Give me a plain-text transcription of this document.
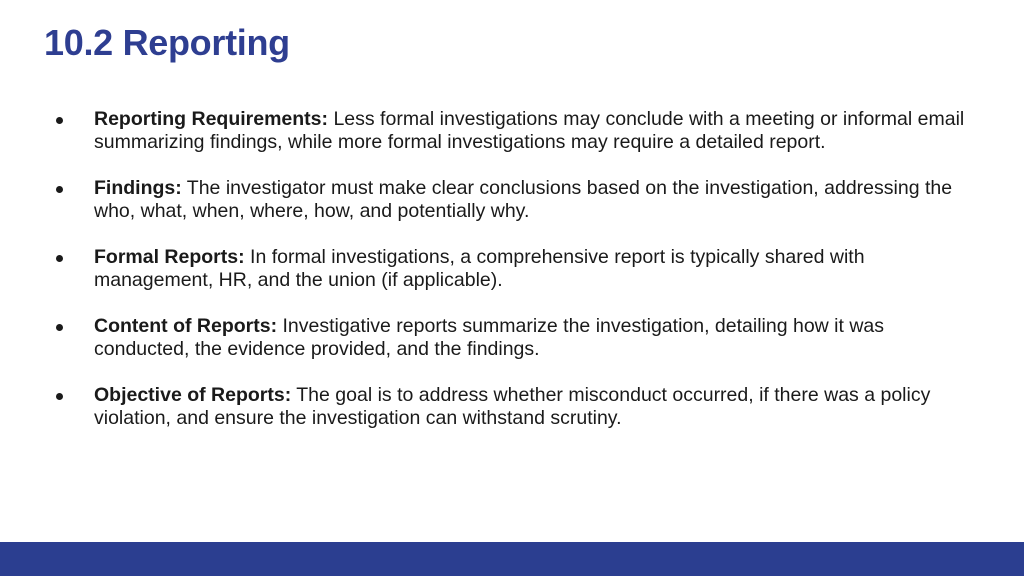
10.2 Reporting
Reporting Requirements: Less formal investigations may conclude with a meeting or informal email summarizing findings, while more formal investigations may require a detailed report.
Findings: The investigator must make clear conclusions based on the investigation, addressing the who, what, when, where, how, and potentially why.
Formal Reports: In formal investigations, a comprehensive report is typically shared with management, HR, and the union (if applicable).
Content of Reports: Investigative reports summarize the investigation, detailing how it was conducted, the evidence provided, and the findings.
Objective of Reports: The goal is to address whether misconduct occurred, if there was a policy violation, and ensure the investigation can withstand scrutiny.
